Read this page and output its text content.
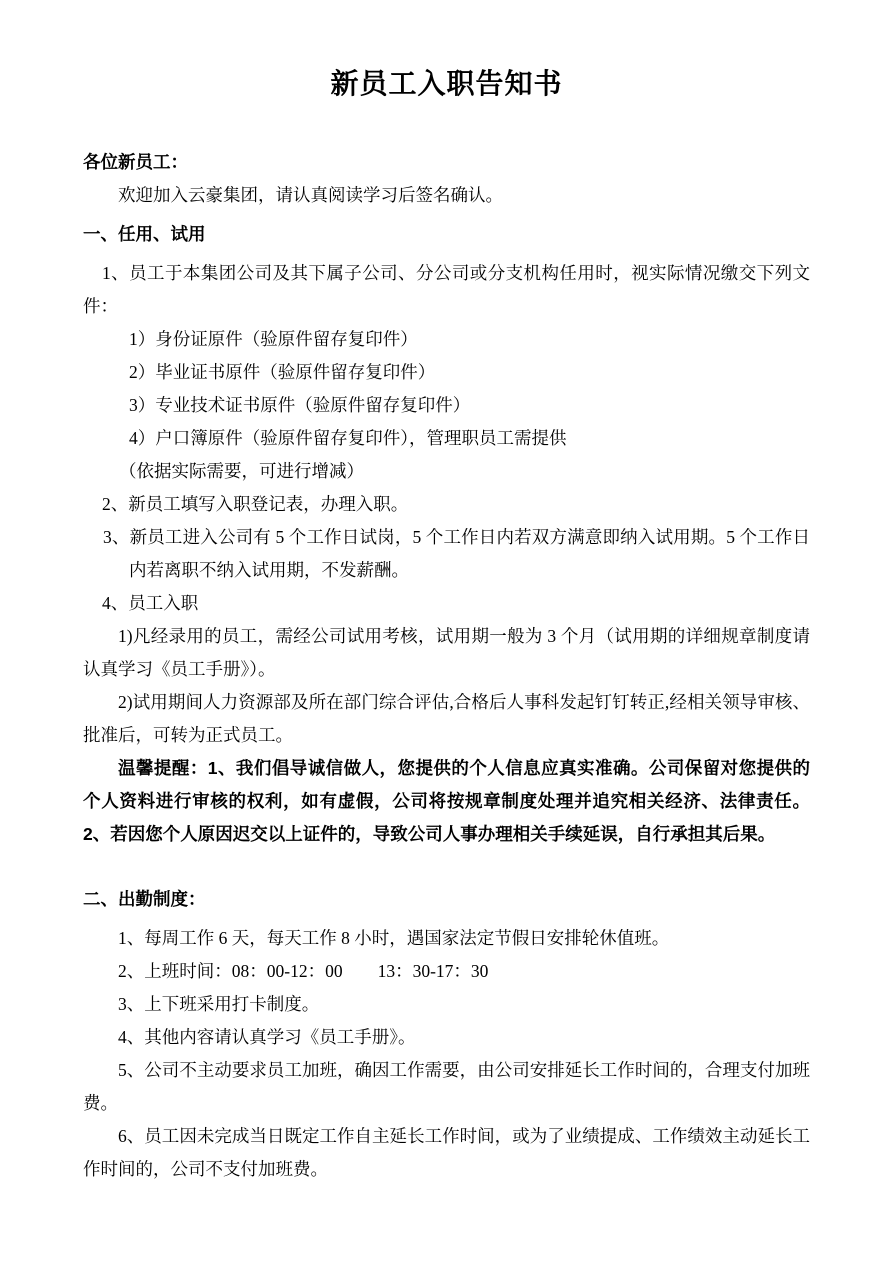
新员工入职告知书

各位新员工：

欢迎加入云豪集团，请认真阅读学习后签名确认。

一、任用、试用

1、员工于本集团公司及其下属子公司、分公司或分支机构任用时，视实际情况缴交下列文件：

1）身份证原件（验原件留存复印件）

2）毕业证书原件（验原件留存复印件）

3）专业技术证书原件（验原件留存复印件）

4）户口簿原件（验原件留存复印件），管理职员工需提供

（依据实际需要，可进行增减）

2、新员工填写入职登记表，办理入职。

3、新员工进入公司有 5 个工作日试岗，5 个工作日内若双方满意即纳入试用期。5 个工作日内若离职不纳入试用期，不发薪酬。

4、员工入职

1)凡经录用的员工，需经公司试用考核，试用期一般为 3 个月（试用期的详细规章制度请认真学习《员工手册》）。

2)试用期间人力资源部及所在部门综合评估,合格后人事科发起钉钉转正,经相关领导审核、批准后，可转为正式员工。

温馨提醒：1、我们倡导诚信做人，您提供的个人信息应真实准确。公司保留对您提供的个人资料进行审核的权利，如有虚假，公司将按规章制度处理并追究相关经济、法律责任。2、若因您个人原因迟交以上证件的，导致公司人事办理相关手续延误，自行承担其后果。

二、出勤制度：

1、每周工作 6 天，每天工作 8 小时，遇国家法定节假日安排轮休值班。

2、上班时间：08：00-12：00　　13：30-17：30

3、上下班采用打卡制度。

4、其他内容请认真学习《员工手册》。

5、公司不主动要求员工加班，确因工作需要，由公司安排延长工作时间的，合理支付加班费。

6、员工因未完成当日既定工作自主延长工作时间，或为了业绩提成、工作绩效主动延长工作时间的，公司不支付加班费。
